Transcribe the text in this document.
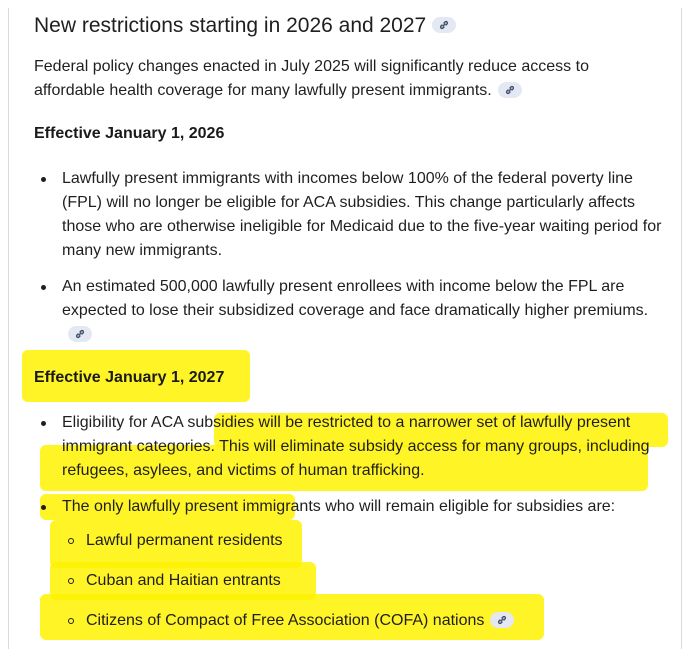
New restrictions starting in 2026 and 2027

Federal policy changes enacted in July 2025 will significantly reduce access to affordable health coverage for many lawfully present immigrants.

Effective January 1, 2026
Lawfully present immigrants with incomes below 100% of the federal poverty line (FPL) will no longer be eligible for ACA subsidies. This change particularly affects those who are otherwise ineligible for Medicaid due to the five-year waiting period for many new immigrants.
An estimated 500,000 lawfully present enrollees with income below the FPL are expected to lose their subsidized coverage and face dramatically higher premiums.
Effective January 1, 2027
Eligibility for ACA subsidies will be restricted to a narrower set of lawfully present immigrant categories. This will eliminate subsidy access for many groups, including refugees, asylees, and victims of human trafficking.
The only lawfully present immigrants who will remain eligible for subsidies are:
Lawful permanent residents
Cuban and Haitian entrants
Citizens of Compact of Free Association (COFA) nations
